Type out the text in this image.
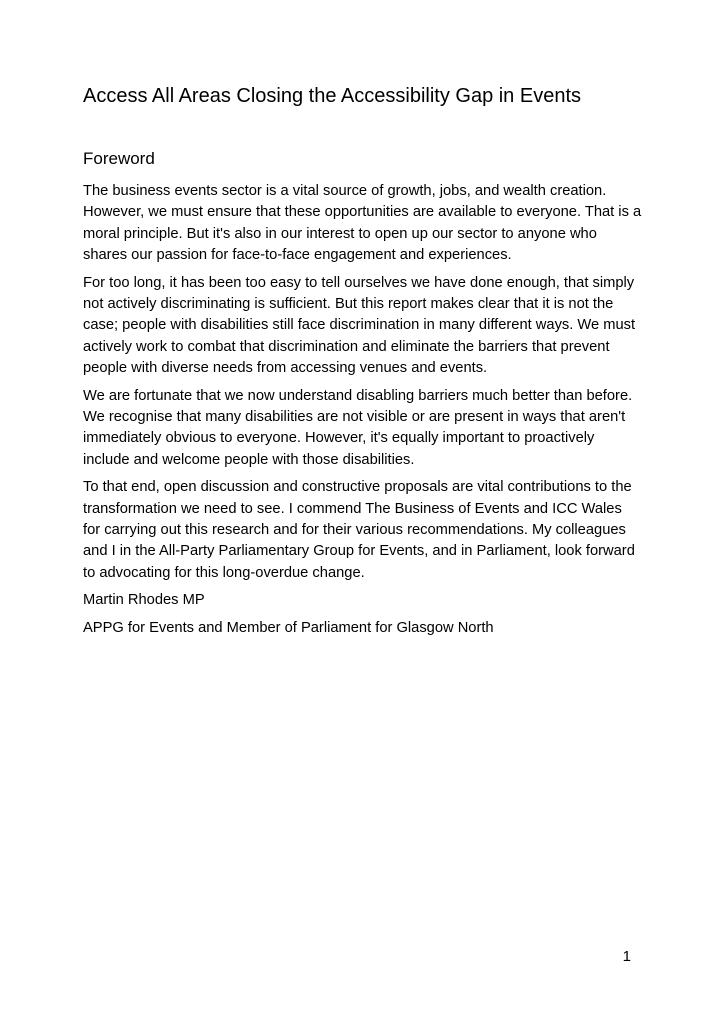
Access All Areas Closing the Accessibility Gap in Events
Foreword

The business events sector is a vital source of growth, jobs, and wealth creation. However, we must ensure that these opportunities are available to everyone. That is a moral principle. But it's also in our interest to open up our sector to anyone who shares our passion for face-to-face engagement and experiences.

For too long, it has been too easy to tell ourselves we have done enough, that simply not actively discriminating is sufficient. But this report makes clear that it is not the case; people with disabilities still face discrimination in many different ways. We must actively work to combat that discrimination and eliminate the barriers that prevent people with diverse needs from accessing venues and events.

We are fortunate that we now understand disabling barriers much better than before. We recognise that many disabilities are not visible or are present in ways that aren't immediately obvious to everyone. However, it's equally important to proactively include and welcome people with those disabilities.

To that end, open discussion and constructive proposals are vital contributions to the transformation we need to see. I commend The Business of Events and ICC Wales for carrying out this research and for their various recommendations. My colleagues and I in the All-Party Parliamentary Group for Events, and in Parliament, look forward to advocating for this long-overdue change.

Martin Rhodes MP

APPG for Events and Member of Parliament for Glasgow North

1
